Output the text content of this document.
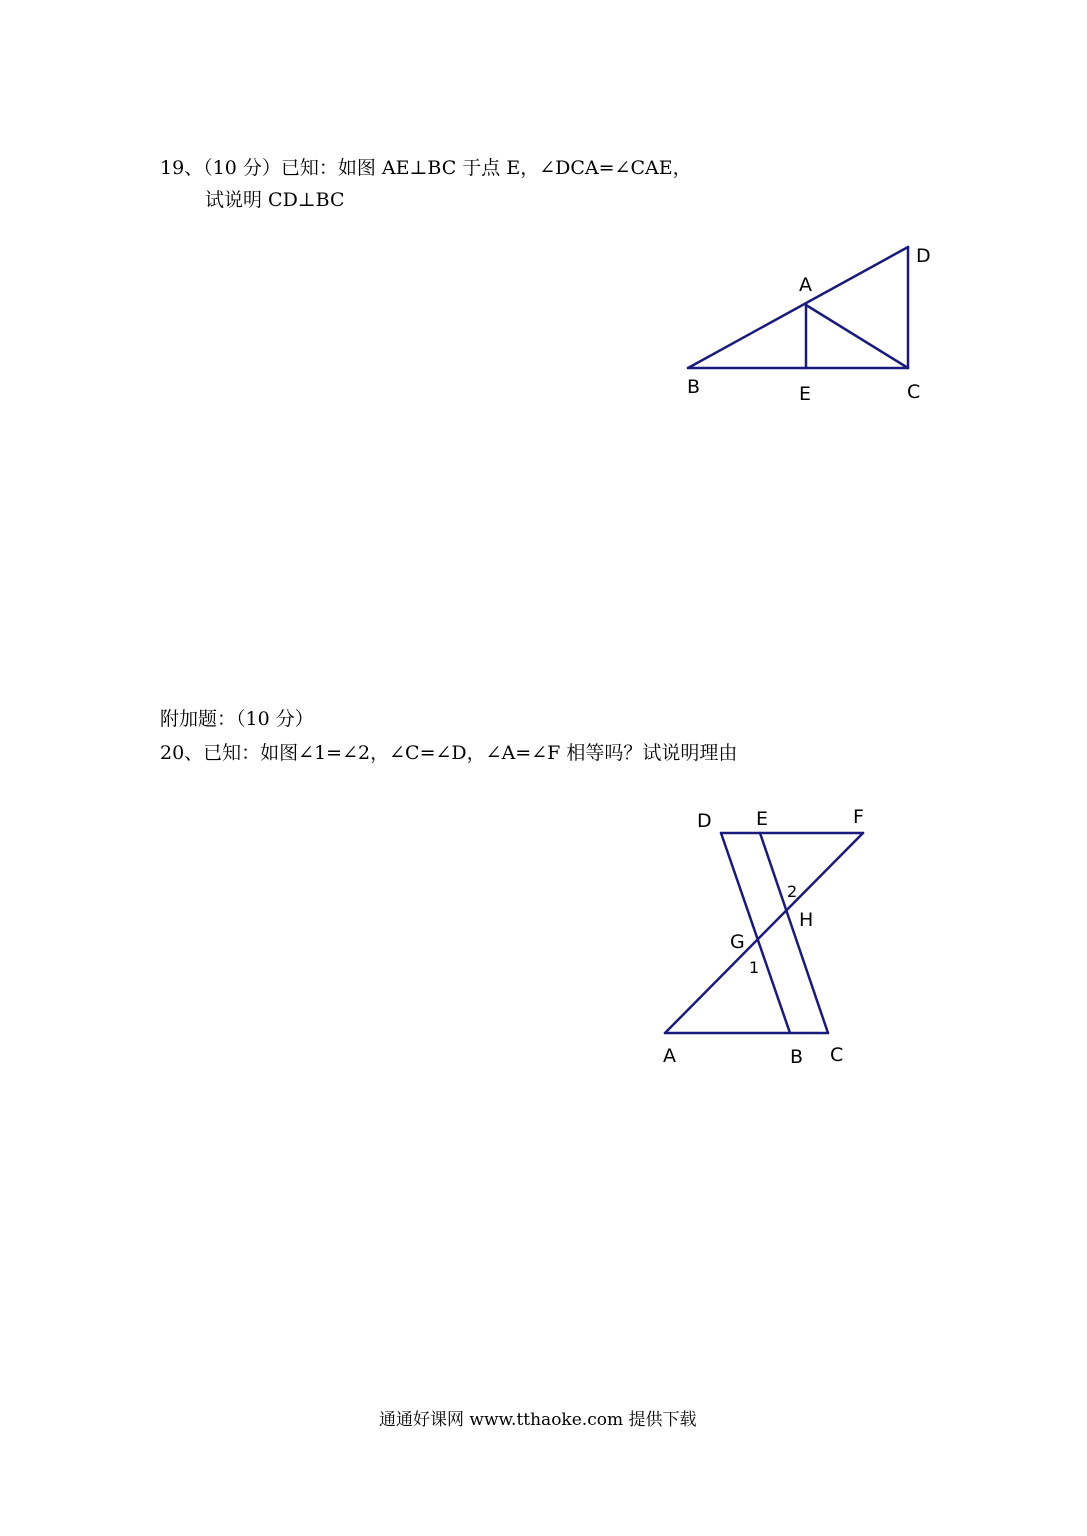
19、（10 分）已知：如图 AE⊥BC 于点 E，∠DCA=∠CAE，
试说明 CD⊥BC
A
B	C
D
E
附加题：（10 分）
20、已知：如图∠1=∠2，∠C=∠D，∠A=∠F 相等吗？试说明理由
D E	F
G
H
1
2
A	B C
通通好课网 www.tthaoke.com 提供下载
